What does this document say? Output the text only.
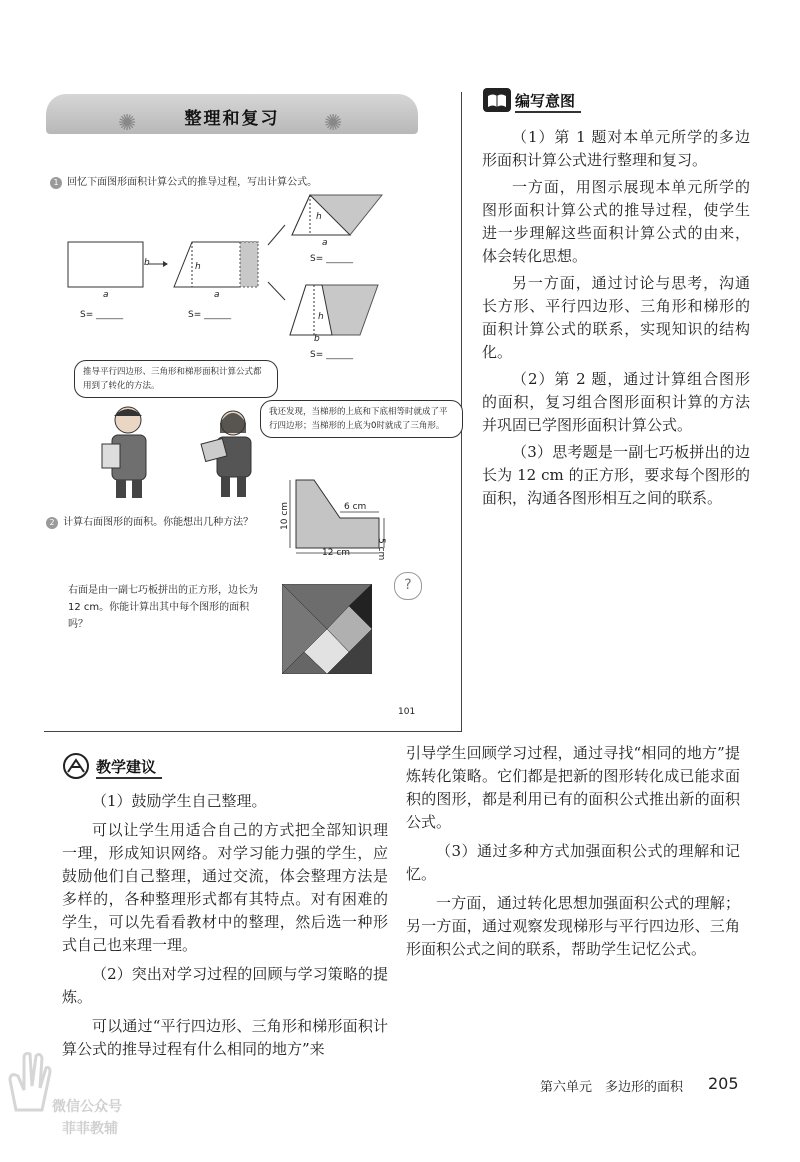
✺	✺
整理和复习
1 回忆下面图形面积计算公式的推导过程，写出计算公式。
b	h
a	a
S= ______	S= ______
h
a
S= ______
h
b
S= ______
推导平行四边形、三角形和梯形面积计算公式都用到了转化的方法。
我还发现，当梯形的上底和下底相等时就成了平行四边形；当梯形的上底为0时就成了三角形。
2 计算右面图形的面积。你能想出几种方法？
6 cm
10 cm
5 cm
12 cm
右面是由一副七巧板拼出的正方形，边长为 12 cm。你能计算出其中每个图形的面积吗？
?
101
编写意图

（1）第 1 题对本单元所学的多边形面积计算公式进行整理和复习。

一方面，用图示展现本单元所学的图形面积计算公式的推导过程，使学生进一步理解这些面积计算公式的由来，体会转化思想。

另一方面，通过讨论与思考，沟通长方形、平行四边形、三角形和梯形的面积计算公式的联系，实现知识的结构化。

（2）第 2 题，通过计算组合图形的面积，复习组合图形面积计算的方法并巩固已学图形面积计算公式。

（3）思考题是一副七巧板拼出的边长为 12 cm 的正方形，要求每个图形的面积，沟通各图形相互之间的联系。

教学建议

（1）鼓励学生自己整理。

可以让学生用适合自己的方式把全部知识理一理，形成知识网络。对学习能力强的学生，应鼓励他们自己整理，通过交流，体会整理方法是多样的，各种整理形式都有其特点。对有困难的学生，可以先看看教材中的整理，然后选一种形式自己也来理一理。

（2）突出对学习过程的回顾与学习策略的提炼。

可以通过“平行四边形、三角形和梯形面积计算公式的推导过程有什么相同的地方”来

引导学生回顾学习过程，通过寻找“相同的地方”提炼转化策略。它们都是把新的图形转化成已能求面积的图形，都是利用已有的面积公式推出新的面积公式。

（3）通过多种方式加强面积公式的理解和记忆。

一方面，通过转化思想加强面积公式的理解；另一方面，通过观察发现梯形与平行四边形、三角形面积公式之间的联系，帮助学生记忆公式。

第六单元　多边形的面积 205
微信公众号
菲菲教辅
